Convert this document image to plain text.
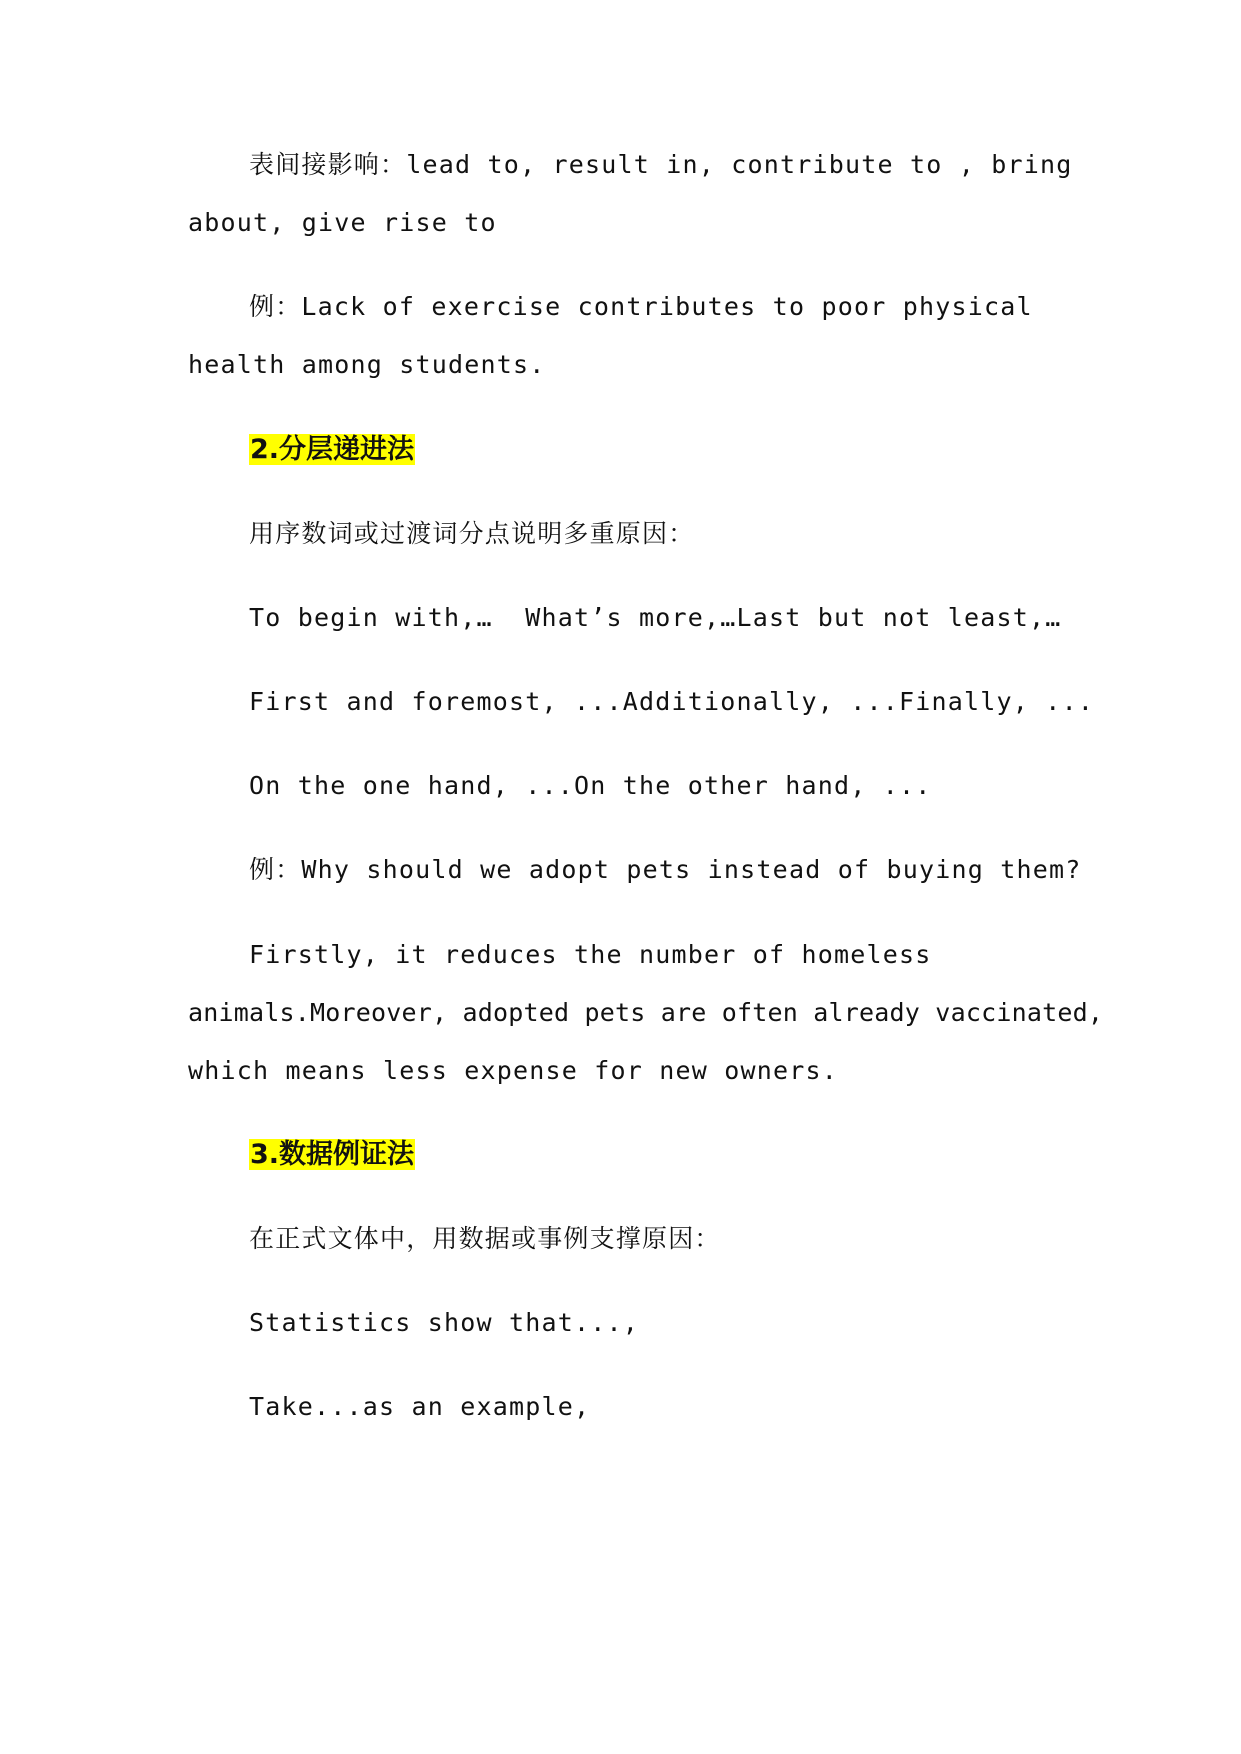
表间接影响：lead to, result in, contribute to , bring
about, give rise to
例：Lack of exercise contributes to poor physical
health among students.
2.分层递进法
用序数词或过渡词分点说明多重原因：
To begin with,…  What’s more,…Last but not least,…
First and foremost, ...Additionally, ...Finally, ...
On the one hand, ...On the other hand, ...
例：Why should we adopt pets instead of buying them?
Firstly, it reduces the number of homeless
animals.Moreover, adopted pets are often already vaccinated,
which means less expense for new owners.
3.数据例证法
在正式文体中，用数据或事例支撑原因：
Statistics show that...,
Take...as an example,
